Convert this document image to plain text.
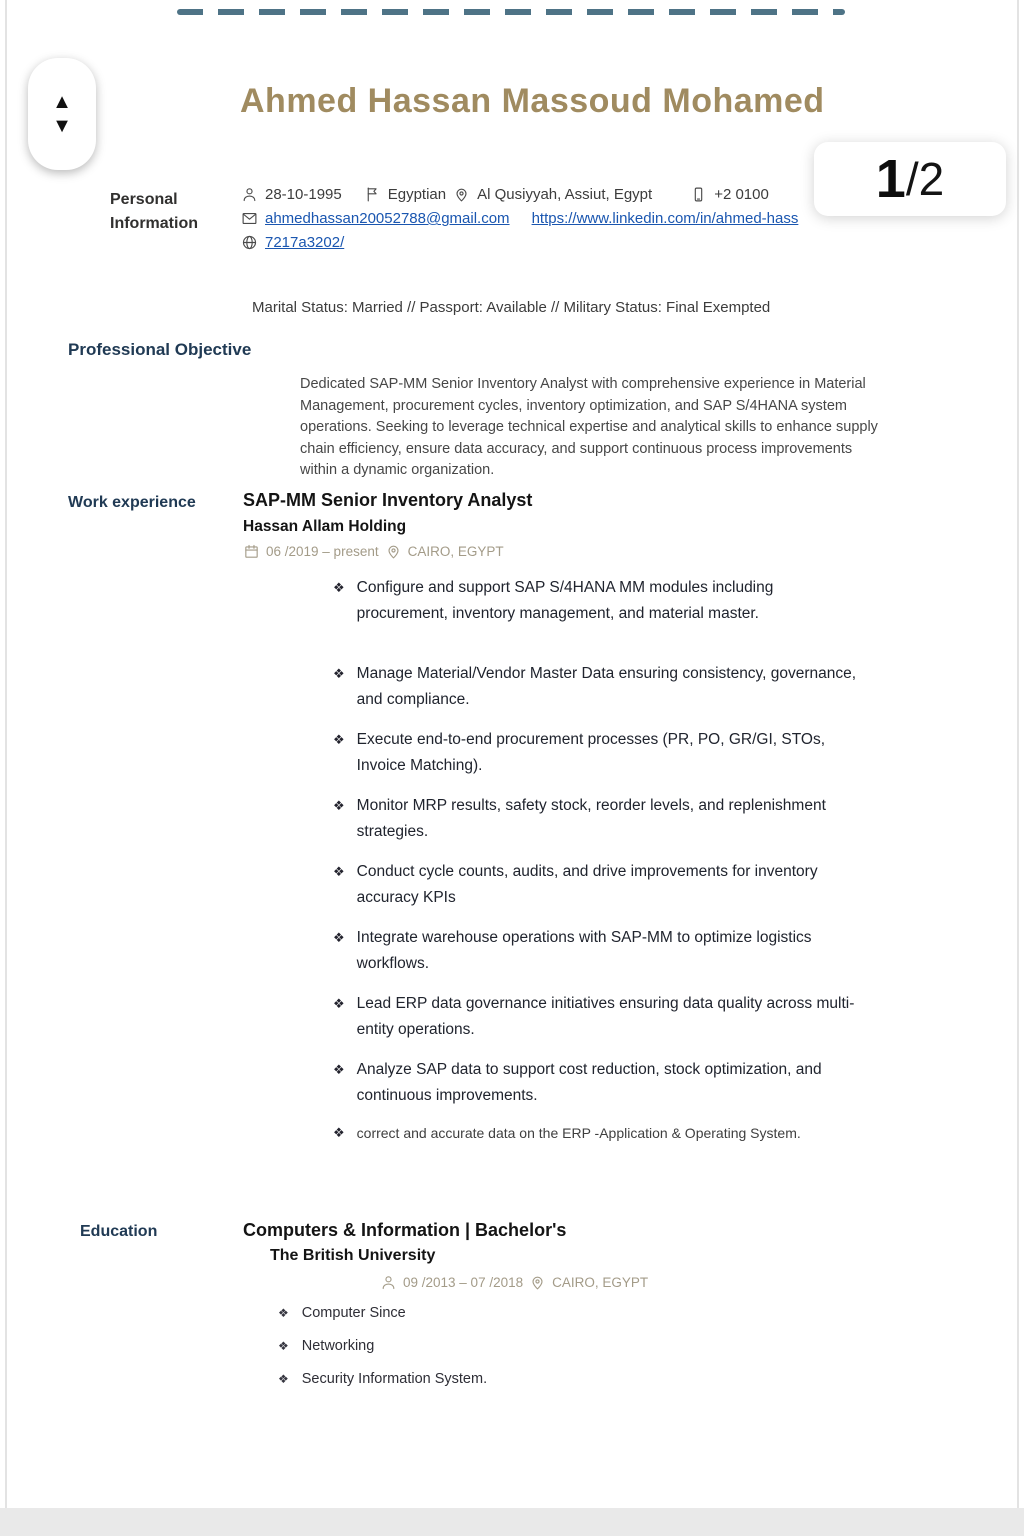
▲
▼
Ahmed Hassan Massoud Mohamed
1 /2
Personal
Information
28-10-1995	Egyptian Al Qusiyyah, Assiut, Egypt	+2 0100
ahmedhassan20052788@gmail.com https://www.linkedin.com/in/ahmed-hass
7217a3202/
Marital Status: Married // Passport: Available // Military Status: Final Exempted
Professional Objective
Dedicated SAP-MM Senior Inventory Analyst with comprehensive experience in Material Management, procurement cycles, inventory optimization, and SAP S/4HANA system operations. Seeking to leverage technical expertise and analytical skills to enhance supply chain efficiency, ensure data accuracy, and support continuous process improvements within a dynamic organization.
Work experience	SAP-MM Senior Inventory Analyst
Hassan Allam Holding
06 /2019 – present CAIRO, EGYPT
❖ Configure and support SAP S/4HANA MM modules including procurement, inventory management, and material master.
❖ Manage Material/Vendor Master Data ensuring consistency, governance, and compliance.
❖ Execute end-to-end procurement processes (PR, PO, GR/GI, STOs, Invoice Matching).
❖ Monitor MRP results, safety stock, reorder levels, and replenishment strategies.
❖ Conduct cycle counts, audits, and drive improvements for inventory accuracy KPIs
❖ Integrate warehouse operations with SAP-MM to optimize logistics workflows.
❖ Lead ERP data governance initiatives ensuring data quality across multi-entity operations.
❖ Analyze SAP data to support cost reduction, stock optimization, and continuous improvements.
❖ correct and accurate data on the ERP -Application & Operating System.
Education	Computers & Information | Bachelor's
The British University
09 /2013 – 07 /2018 CAIRO, EGYPT
❖ Computer Since
❖ Networking
❖ Security Information System.
